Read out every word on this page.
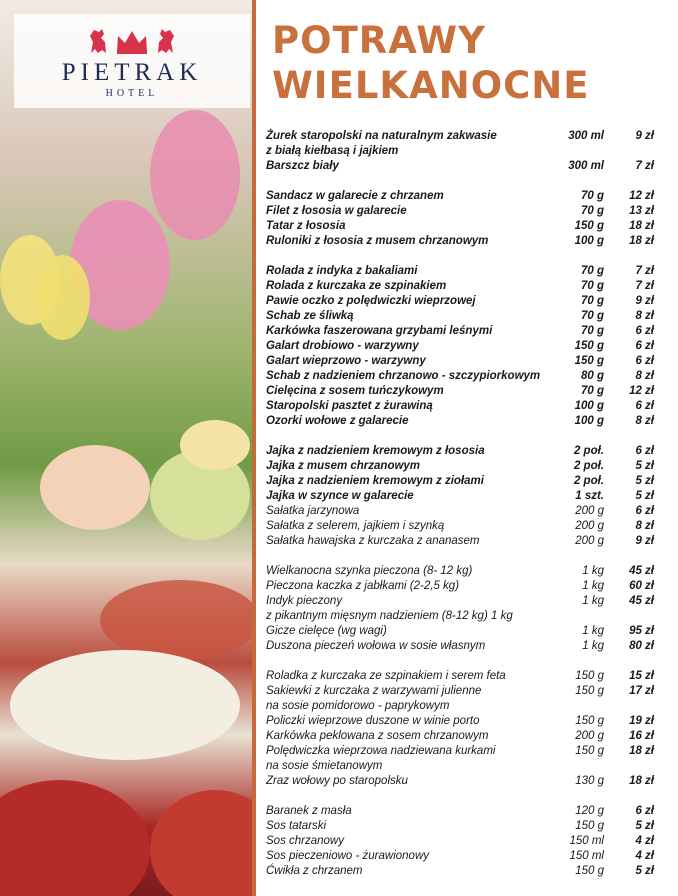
PIETRAK
HOTEL
POTRAWY
WIELKANOCNE
Żurek staropolski na naturalnym zakwasie
z białą kiełbasą i jajkiem
300 ml	9 zł
Barszcz biały	300 ml	7 zł
Sandacz w galarecie z chrzanem	70 g	12 zł
Filet z łososia w galarecie	70 g	13 zł
Tatar z łososia	150 g	18 zł
Ruloniki z łososia z musem chrzanowym	100 g	18 zł
Rolada z indyka z bakaliami	70 g	7 zł
Rolada z kurczaka ze szpinakiem	70 g	7 zł
Pawie oczko z polędwiczki wieprzowej	70 g	9 zł
Schab ze śliwką	70 g	8 zł
Karkówka faszerowana grzybami leśnymi	70 g	6 zł
Galart drobiowo - warzywny	150 g	6 zł
Galart wieprzowo - warzywny	150 g	6 zł
Schab z nadzieniem chrzanowo - szczypiorkowym	80 g	8 zł
Cielęcina z sosem tuńczykowym	70 g	12 zł
Staropolski pasztet z żurawiną	100 g	6 zł
Ozorki wołowe z galarecie	100 g	8 zł
Jajka z nadzieniem kremowym z łososia	2 poł.	6 zł
Jajka z musem chrzanowym	2 poł.	5 zł
Jajka z nadzieniem kremowym z ziołami	2 poł.	5 zł
Jajka w szynce w galarecie	1 szt.	5 zł
Sałatka jarzynowa	200 g	6 zł
Sałatka z selerem, jajkiem i szynką	200 g	8 zł
Sałatka hawajska z kurczaka z ananasem	200 g	9 zł
Wielkanocna szynka pieczona (8- 12 kg)	1 kg	45 zł
Pieczona kaczka z jabłkami (2-2,5 kg)	1 kg	60 zł
Indyk pieczony
z pikantnym mięsnym nadzieniem (8-12 kg) 1 kg
1 kg	45 zł
Gicze cielęce (wg wagi)	1 kg	95 zł
Duszona pieczeń wołowa w sosie własnym	1 kg	80 zł
Roladka z kurczaka ze szpinakiem i serem feta	150 g	15 zł
Sakiewki z kurczaka z warzywami julienne
na sosie pomidorowo - paprykowym
150 g	17 zł
Policzki wieprzowe duszone w winie porto	150 g	19 zł
Karkówka peklowana z sosem chrzanowym	200 g	16 zł
Polędwiczka wieprzowa nadziewana kurkami
na sosie śmietanowym
150 g	18 zł
Zraz wołowy po staropolsku	130 g	18 zł
Baranek z masła	120 g	6 zł
Sos tatarski	150 g	5 zł
Sos chrzanowy	150 ml	4 zł
Sos pieczeniowo - żurawionowy	150 ml	4 zł
Ćwikła z chrzanem	150 g	5 zł
